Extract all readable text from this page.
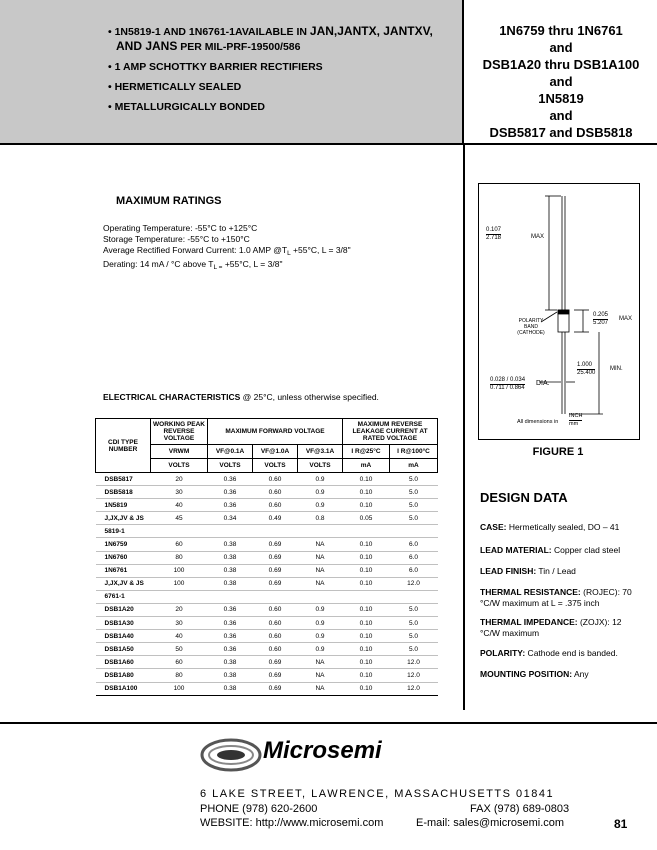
• 1N5819-1 AND 1N6761-1AVAILABLE IN JAN,JANTX, JANTXV,
AND JANS PER MIL-PRF-19500/586
• 1 AMP SCHOTTKY BARRIER RECTIFIERS
• HERMETICALLY SEALED
• METALLURGICALLY BONDED
1N6759 thru 1N6761
and
DSB1A20 thru DSB1A100
and
1N5819
and
DSB5817 and DSB5818
MAXIMUM RATINGS
Operating Temperature: -55°C to +125°C
Storage Temperature: -55°C to +150°C
Average Rectified Forward Current: 1.0 AMP $@T_L +55^\circ C$, L = 3/8"
Derating: 14 mA / °C above $T_{L =} +55^\circ C$, L = 3/8"
ELECTRICAL CHARACTERISTICS @ 25°C, unless otherwise specified.
CDI TYPE NUMBER	WORKING PEAK REVERSE VOLTAGE	MAXIMUM FORWARD VOLTAGE			MAXIMUM REVERSE LEAKAGE CURRENT AT RATED VOLTAGE	
	VRWM	VF@0.1A	VF@1.0A	VF@3.1A	I R@25°C	I R@100°C
	VOLTS	VOLTS	VOLTS	VOLTS	mA	mA
DSB5817	20	0.36	0.60	0.9	0.10	5.0
DSB5818	30	0.36	0.60	0.9	0.10	5.0
1N5819	40	0.36	0.60	0.9	0.10	5.0
J,JX,JV & JS	45	0.34	0.49	0.8	0.05	5.0
5819-1						
1N6759	60	0.38	0.69	NA	0.10	6.0
1N6760	80	0.38	0.69	NA	0.10	6.0
1N6761	100	0.38	0.69	NA	0.10	6.0
J,JX,JV & JS	100	0.38	0.69	NA	0.10	12.0
6761-1						
DSB1A20	20	0.36	0.60	0.9	0.10	5.0
DSB1A30	30	0.36	0.60	0.9	0.10	5.0
DSB1A40	40	0.36	0.60	0.9	0.10	5.0
DSB1A50	50	0.36	0.60	0.9	0.10	5.0
DSB1A60	60	0.38	0.69	NA	0.10	12.0
DSB1A80	80	0.38	0.69	NA	0.10	12.0
DSB1A100	100	0.38	0.69	NA	0.10	12.0
0.107
2.718	MAX
0.205
5.207
MAX
POLARITY BAND (CATHODE)
1.000
25.400
MIN.
0.028 / 0.034
0.711 / 0.864
DIA.
All dimensions in
INCH
mm
FIGURE 1
DESIGN DATA
CASE: Hermetically sealed, DO – 41
LEAD MATERIAL: Copper clad steel
LEAD FINISH: Tin / Lead
THERMAL RESISTANCE: (ROJEC): 70 °C/W maximum at L = .375 inch
THERMAL IMPEDANCE: (ZOJX): 12 °C/W maximum
POLARITY: Cathode end is banded.
MOUNTING POSITION: Any
Microsemi
6 LAKE STREET, LAWRENCE, MASSACHUSETTS 01841
PHONE (978) 620-2600	FAX (978) 689-0803
WEBSITE: http://www.microsemi.com	E-mail: sales@microsemi.com	81
